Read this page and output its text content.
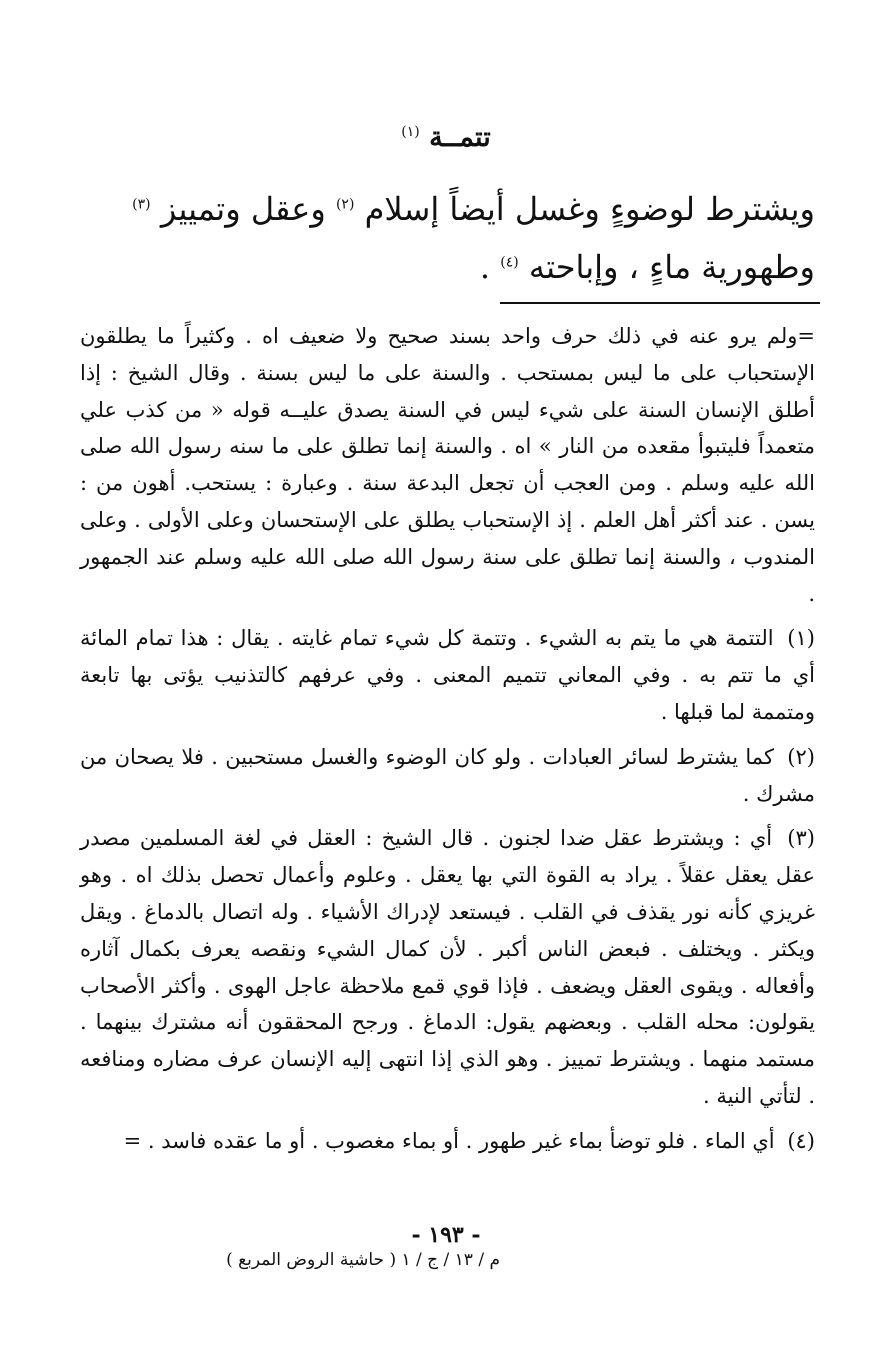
تتمــة $^{(١)}$

ويشترط لوضوءٍ وغسل أيضاً إسلام $^{(٢)}$ وعقل وتمييز $^{(٣)}$

وطهورية ماءٍ ، وإباحته $^{(٤)}$ .

=ولم يرو عنه في ذلك حرف واحد بسند صحيح ولا ضعيف اه . وكثيراً ما يطلقون الإستحباب على ما ليس بمستحب . والسنة على ما ليس بسنة . وقال الشيخ : إذا أطلق الإنسان السنة على شيء ليس في السنة يصدق عليــه قوله « من كذب علي متعمداً فليتبوأ مقعده من النار » اه . والسنة إنما تطلق على ما سنه رسول الله صلى الله عليه وسلم . ومن العجب أن تجعل البدعة سنة . وعبارة : يستحب. أهون من : يسن . عند أكثر أهل العلم . إذ الإستحباب يطلق على الإستحسان وعلى الأولى . وعلى المندوب ، والسنة إنما تطلق على سنة رسول الله صلى الله عليه وسلم عند الجمهور .

(١) التتمة هي ما يتم به الشيء . وتتمة كل شيء تمام غايته . يقال : هذا تمام المائة أي ما تتم به . وفي المعاني تتميم المعنى . وفي عرفهم كالتذنيب يؤتى بها تابعة ومتممة لما قبلها .

(٢) كما يشترط لسائر العبادات . ولو كان الوضوء والغسل مستحبين . فلا يصحان من مشرك .

(٣) أي : ويشترط عقل ضدا لجنون . قال الشيخ : العقل في لغة المسلمين مصدر عقل يعقل عقلاً . يراد به القوة التي بها يعقل . وعلوم وأعمال تحصل بذلك اه . وهو غريزي كأنه نور يقذف في القلب . فيستعد لإدراك الأشياء . وله اتصال بالدماغ . ويقل ويكثر . ويختلف . فبعض الناس أكبر . لأن كمال الشيء ونقصه يعرف بكمال آثاره وأفعاله . ويقوى العقل ويضعف . فإذا قوي قمع ملاحظة عاجل الهوى . وأكثر الأصحاب يقولون: محله القلب . وبعضهم يقول: الدماغ . ورجح المحققون أنه مشترك بينهما . مستمد منهما . ويشترط تمييز . وهو الذي إذا انتهى إليه الإنسان عرف مضاره ومنافعه . لتأتي النية .

(٤) أي الماء . فلو توضأ بماء غير طهور . أو بماء مغصوب . أو ما عقده فاسد . =

- ١٩٣ -
م / ١٣ / ج / ١ ( حاشية الروض المربع )
